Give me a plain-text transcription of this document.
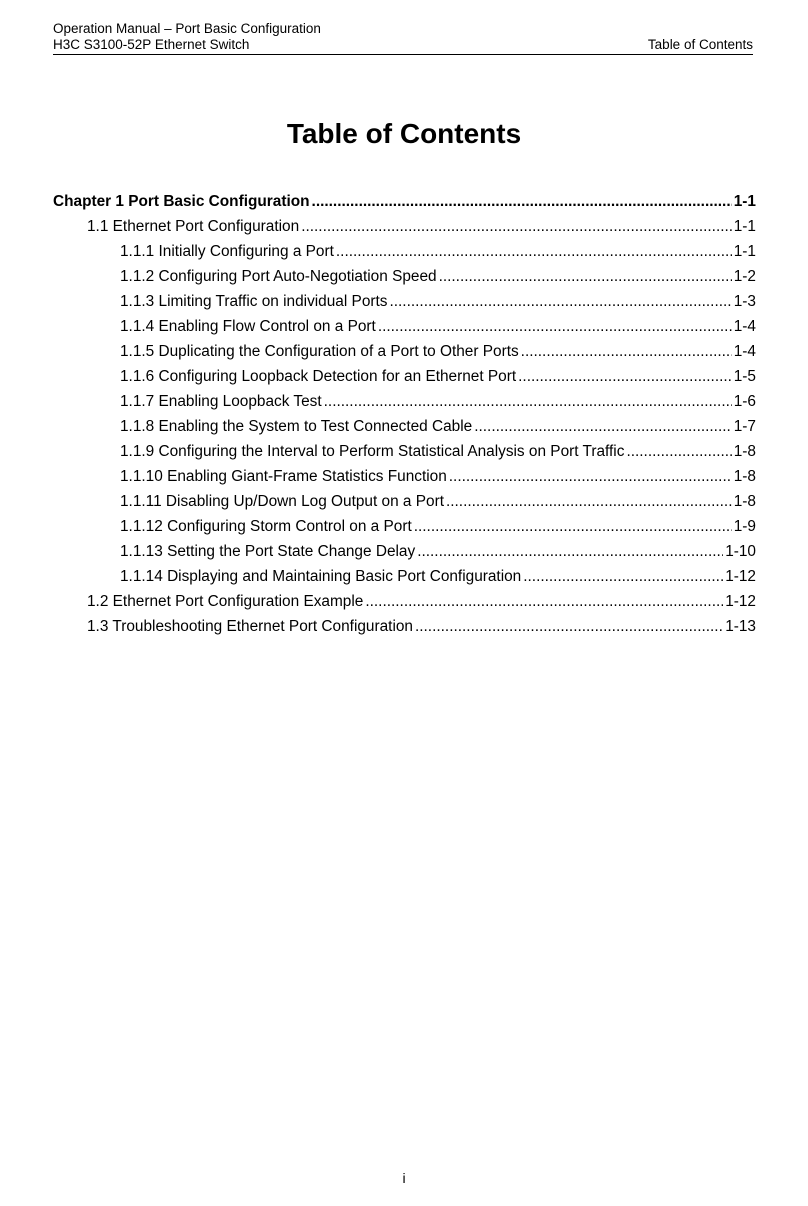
Operation Manual – Port Basic Configuration
H3C S3100-52P Ethernet Switch	Table of Contents
Table of Contents
Chapter 1 Port Basic Configuration .....	1-1
1.1 Ethernet Port Configuration .....	1-1
1.1.1 Initially Configuring a Port .....	1-1
1.1.2 Configuring Port Auto-Negotiation Speed .....	1-2
1.1.3 Limiting Traffic on individual Ports .....	1-3
1.1.4 Enabling Flow Control on a Port .....	1-4
1.1.5 Duplicating the Configuration of a Port to Other Ports .....	1-4
1.1.6 Configuring Loopback Detection for an Ethernet Port .....	1-5
1.1.7 Enabling Loopback Test .....	1-6
1.1.8 Enabling the System to Test Connected Cable .....	1-7
1.1.9 Configuring the Interval to Perform Statistical Analysis on Port Traffic .....	1-8
1.1.10 Enabling Giant-Frame Statistics Function .....	1-8
1.1.11 Disabling Up/Down Log Output on a Port .....	1-8
1.1.12 Configuring Storm Control on a Port .....	1-9
1.1.13 Setting the Port State Change Delay .....	1-10
1.1.14 Displaying and Maintaining Basic Port Configuration .....	1-12
1.2 Ethernet Port Configuration Example .....	1-12
1.3 Troubleshooting Ethernet Port Configuration .....	1-13
i
